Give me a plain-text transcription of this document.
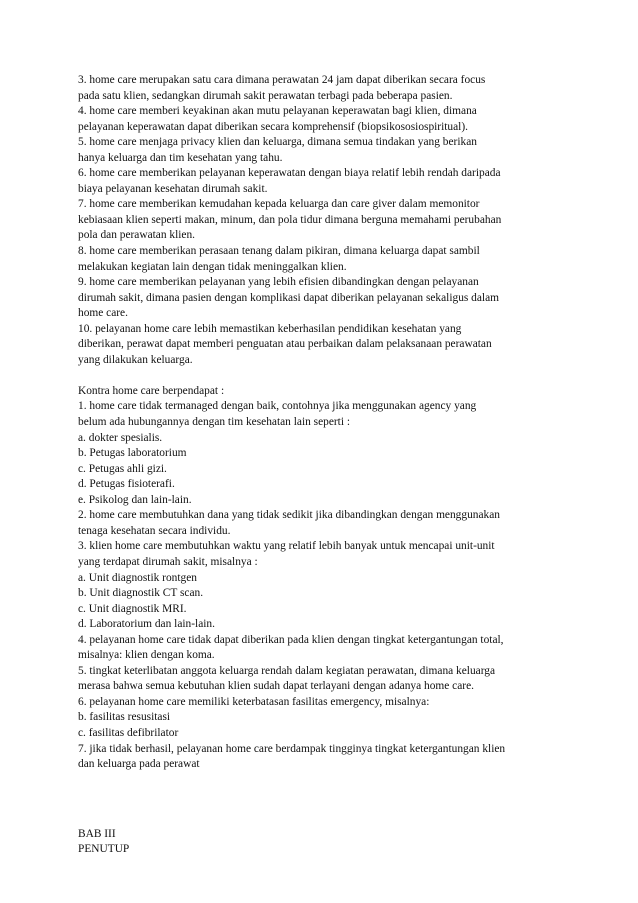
3. home care merupakan satu cara dimana perawatan 24 jam dapat diberikan secara focus
pada satu klien, sedangkan dirumah sakit perawatan terbagi pada beberapa pasien.
4. home care memberi keyakinan akan mutu pelayanan keperawatan bagi klien, dimana
pelayanan keperawatan dapat diberikan secara komprehensif (biopsikososiospiritual).
5. home care menjaga privacy klien dan keluarga, dimana semua tindakan yang berikan
hanya keluarga dan tim kesehatan yang tahu.
6. home care memberikan pelayanan keperawatan dengan biaya relatif lebih rendah daripada
biaya pelayanan kesehatan dirumah sakit.
7. home care memberikan kemudahan kepada keluarga dan care giver dalam memonitor
kebiasaan klien seperti makan, minum, dan pola tidur dimana berguna memahami perubahan
pola dan perawatan klien.
8. home care memberikan perasaan tenang dalam pikiran, dimana keluarga dapat sambil
melakukan kegiatan lain dengan tidak meninggalkan klien.
9. home care memberikan pelayanan yang lebih efisien dibandingkan dengan pelayanan
dirumah sakit, dimana pasien dengan komplikasi dapat diberikan pelayanan sekaligus dalam
home care.
10. pelayanan home care lebih memastikan keberhasilan pendidikan kesehatan yang
diberikan, perawat dapat memberi penguatan atau perbaikan dalam pelaksanaan perawatan
yang dilakukan keluarga.
Kontra home care berpendapat :
1. home care tidak termanaged dengan baik, contohnya jika menggunakan agency yang
belum ada hubungannya dengan tim kesehatan lain seperti :
a. dokter spesialis.
b. Petugas laboratorium
c. Petugas ahli gizi.
d. Petugas fisioterafi.
e. Psikolog dan lain-lain.
2. home care membutuhkan dana yang tidak sedikit jika dibandingkan dengan menggunakan
tenaga kesehatan secara individu.
3. klien home care membutuhkan waktu yang relatif lebih banyak untuk mencapai unit-unit
yang terdapat dirumah sakit, misalnya :
a. Unit diagnostik rontgen
b. Unit diagnostik CT scan.
c. Unit diagnostik MRI.
d. Laboratorium dan lain-lain.
4. pelayanan home care tidak dapat diberikan pada klien dengan tingkat ketergantungan total,
misalnya: klien dengan koma.
5. tingkat keterlibatan anggota keluarga rendah dalam kegiatan perawatan, dimana keluarga
merasa bahwa semua kebutuhan klien sudah dapat terlayani dengan adanya home care.
6. pelayanan home care memiliki keterbatasan fasilitas emergency, misalnya:
b. fasilitas resusitasi
c. fasilitas defibrilator
7. jika tidak berhasil, pelayanan home care berdampak tingginya tingkat ketergantungan klien
dan keluarga pada perawat
BAB III
PENUTUP
